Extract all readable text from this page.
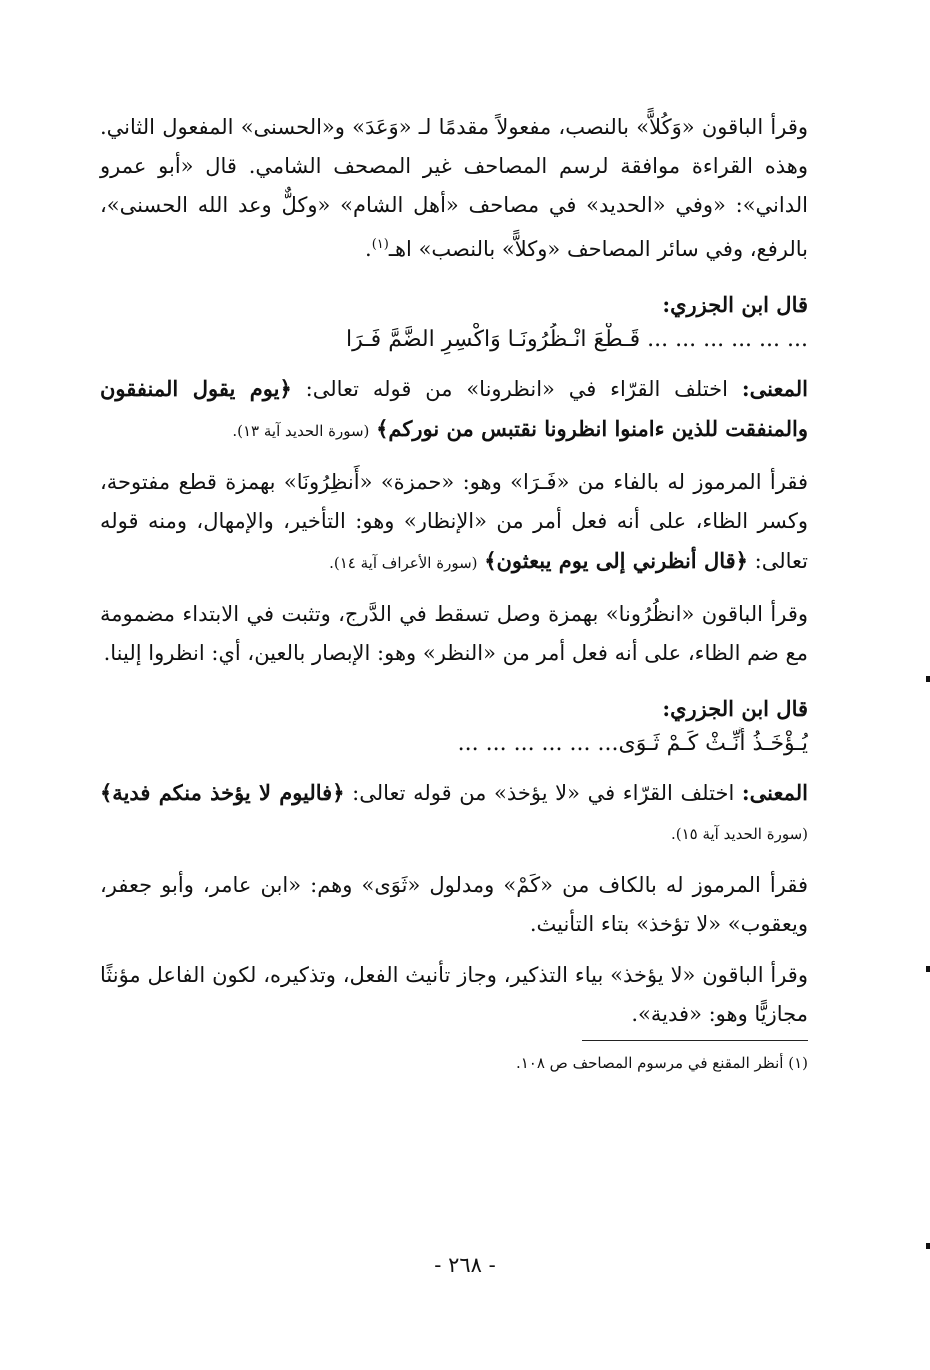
وقرأ الباقون «وَكُلاًّ» بالنصب، مفعولاً مقدمًا لـ «وَعَدَ» و«الحسنى» المفعول الثاني. وهذه القراءة موافقة لرسم المصاحف غير المصحف الشامي. قال «أبو عمرو الداني»: «وفي «الحديد» في مصاحف «أهل الشام» «وكلٌّ وعد الله الحسنى»، بالرفع، وفي سائر المصاحف «وكلاًّ» بالنصب» اهـ$^{(١)}$.

قال ابن الجزري:

... ... ... ... ... ... قَـطْعَ انْـظُرُونَـا وَاكْسِرِ الضَّمَّ فَـرَا

المعنى: اختلف القرّاء في «انظرونا» من قوله تعالى: ﴿يوم يقول المنفقون والمنفقت للذين ءامنوا انظرونا نقتبس من نوركم﴾ (سورة الحديد آية ١٣).

فقرأ المرموز له بالفاء من «فَـرَا» وهو: «حمزة» «أَنظِرُونَا» بهمزة قطع مفتوحة، وكسر الظاء، على أنه فعل أمر من «الإنظار» وهو: التأخير، والإمهال، ومنه قوله تعالى: ﴿قال أنظرني إلى يوم يبعثون﴾ (سورة الأعراف آية ١٤).

وقرأ الباقون «انظُرُونا» بهمزة وصل تسقط في الدَّرج، وتثبت في الابتداء مضمومة مع ضم الظاء، على أنه فعل أمر من «النظر» وهو: الإبصار بالعين، أي: انظروا إلينا.

قال ابن الجزري:

يُـؤْخَـذُ أَنِّـثْ كَـمْ ثَـوَى... ... ... ... ... ...

المعنى: اختلف القرّاء في «لا يؤخذ» من قوله تعالى: ﴿فاليوم لا يؤخذ منكم فدية﴾ (سورة الحديد آية ١٥).

فقرأ المرموز له بالكاف من «كَمْ» ومدلول «ثَوَى» وهم: «ابن عامر، وأبو جعفر، ويعقوب» «لا تؤخذ» بتاء التأنيث.

وقرأ الباقون «لا يؤخذ» بياء التذكير، وجاز تأنيث الفعل، وتذكيره، لكون الفاعل مؤنثًا مجازيًّا وهو: «فدية».

(١) أنظر المقنع في مرسوم المصاحف ص ١٠٨.

- ٢٦٨ -
